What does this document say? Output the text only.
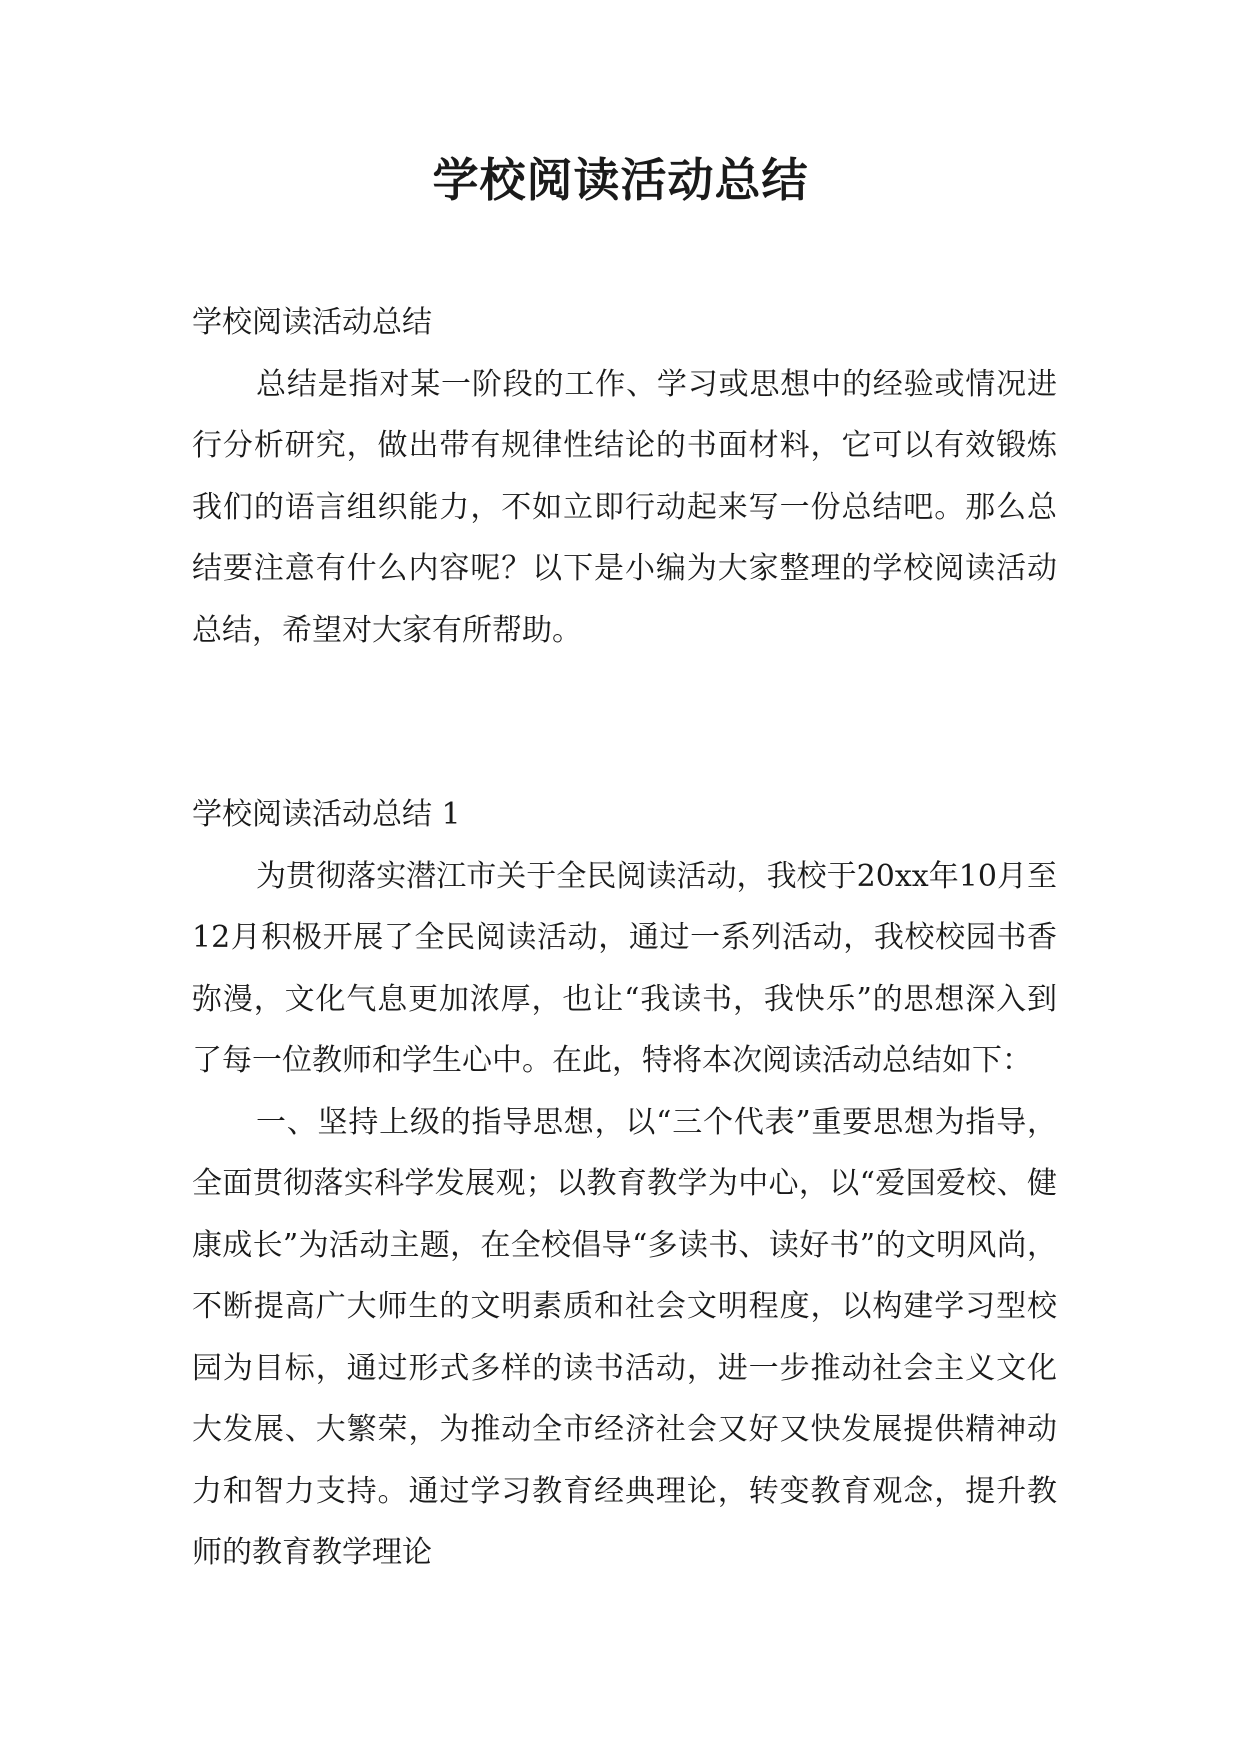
学校阅读活动总结

学校阅读活动总结

总结是指对某一阶段的工作、学习或思想中的经验或情况进行分析研究，做出带有规律性结论的书面材料，它可以有效锻炼我们的语言组织能力，不如立即行动起来写一份总结吧。那么总结要注意有什么内容呢？以下是小编为大家整理的学校阅读活动总结，希望对大家有所帮助。

学校阅读活动总结 1

为贯彻落实潜江市关于全民阅读活动，我校于20xx年10月至12月积极开展了全民阅读活动，通过一系列活动，我校校园书香弥漫，文化气息更加浓厚，也让“我读书，我快乐”的思想深入到了每一位教师和学生心中。在此，特将本次阅读活动总结如下：

一、坚持上级的指导思想，以“三个代表”重要思想为指导，全面贯彻落实科学发展观；以教育教学为中心，以“爱国爱校、健康成长”为活动主题，在全校倡导“多读书、读好书”的文明风尚，不断提高广大师生的文明素质和社会文明程度，以构建学习型校园为目标，通过形式多样的读书活动，进一步推动社会主义文化大发展、大繁荣，为推动全市经济社会又好又快发展提供精神动力和智力支持。通过学习教育经典理论，转变教育观念，提升教师的教育教学理论
